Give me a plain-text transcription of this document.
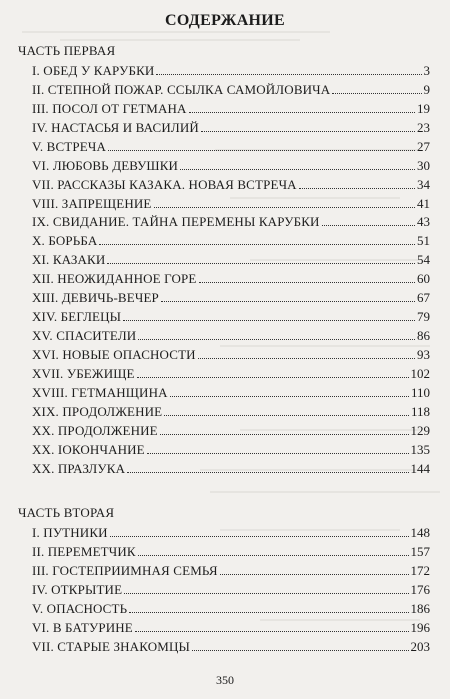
СОДЕРЖАНИЕ
ЧАСТЬ ПЕРВАЯ
I. ОБЕД У КАРУБКИ	3
II. СТЕПНОЙ ПОЖАР. ССЫЛКА САМОЙЛОВИЧА	9
III. ПОСОЛ ОТ ГЕТМАНА	19
IV. НАСТАСЬЯ И ВАСИЛИЙ	23
V. ВСТРЕЧА	27
VI. ЛЮБОВЬ ДЕВУШКИ	30
VII. РАССКАЗЫ КАЗАКА. НОВАЯ ВСТРЕЧА	34
VIII. ЗАПРЕЩЕНИЕ	41
IX. СВИДАНИЕ. ТАЙНА ПЕРЕМЕНЫ КАРУБКИ	43
X. БОРЬБА	51
XI. КАЗАКИ	54
XII. НЕОЖИДАННОЕ ГОРЕ	60
XIII. ДЕВИЧЬ-ВЕЧЕР	67
XIV. БЕГЛЕЦЫ	79
XV. СПАСИТЕЛИ	86
XVI. НОВЫЕ ОПАСНОСТИ	93
XVII. УБЕЖИЩЕ	102
XVIII. ГЕТМАНЩИНА	110
XIX. ПРОДОЛЖЕНИЕ	118
XX. ПРОДОЛЖЕНИЕ	129
XX. ІОКОНЧАНИЕ	135
XX. ПРАЗЛУКА	144
ЧАСТЬ ВТОРАЯ
I. ПУТНИКИ	148
II. ПЕРЕМЕТЧИК	157
III. ГОСТЕПРИИМНАЯ СЕМЬЯ	172
IV. ОТКРЫТИЕ	176
V. ОПАСНОСТЬ	186
VI. В БАТУРИНЕ	196
VII. СТАРЫЕ ЗНАКОМЦЫ	203
350
